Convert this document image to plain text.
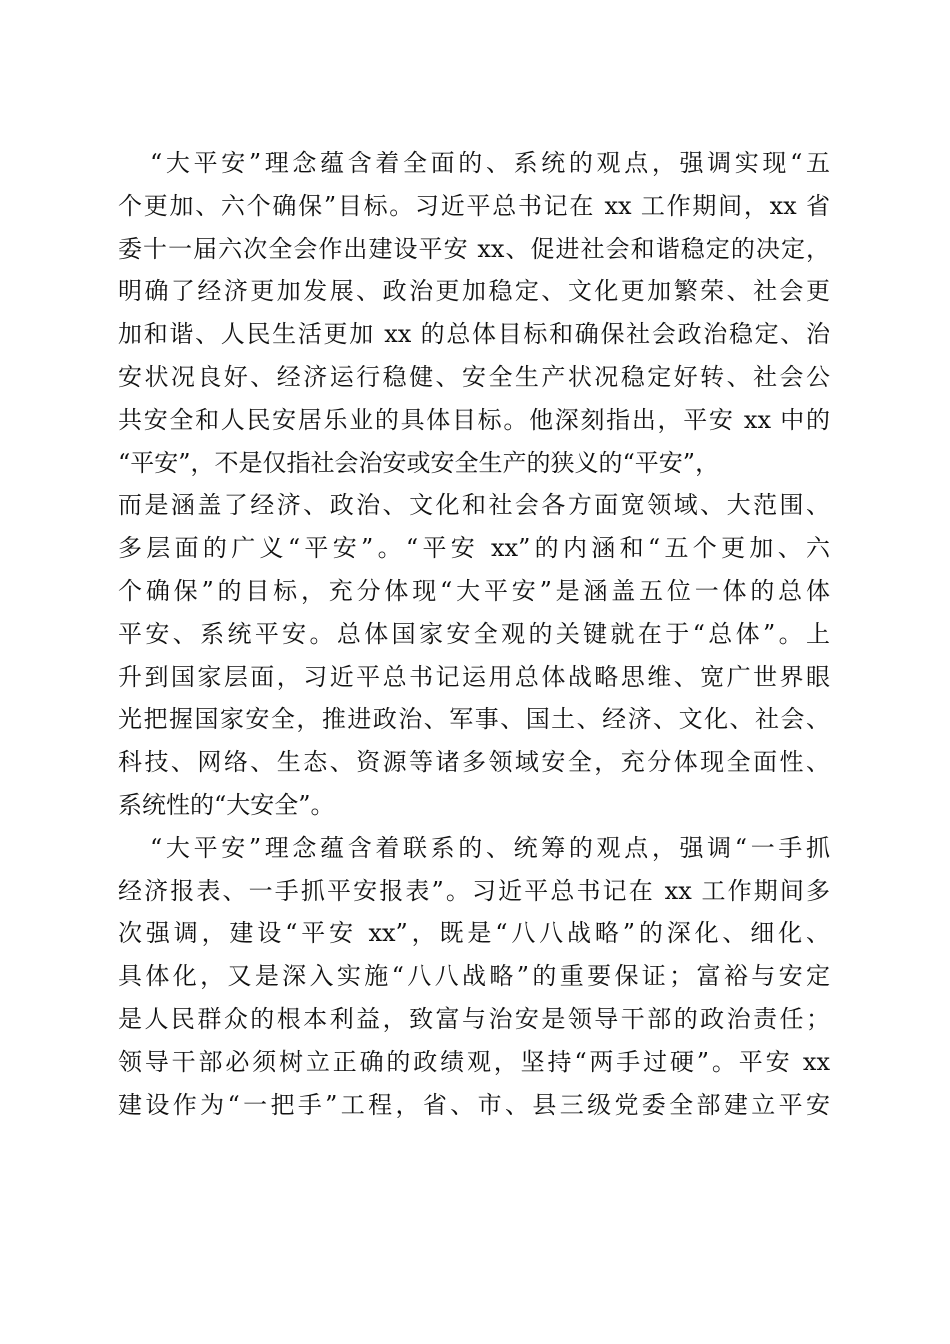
“大平安”理念蕴含着全面的、系统的观点，强调实现“五
个更加、六个确保”目标。习近平总书记在 xx 工作期间，xx 省
委十一届六次全会作出建设平安 xx、促进社会和谐稳定的决定，
明确了经济更加发展、政治更加稳定、文化更加繁荣、社会更
加和谐、人民生活更加 xx 的总体目标和确保社会政治稳定、治
安状况良好、经济运行稳健、安全生产状况稳定好转、社会公
共安全和人民安居乐业的具体目标。他深刻指出，平安 xx 中的
“平安”，不是仅指社会治安或安全生产的狭义的“平安”，
而是涵盖了经济、政治、文化和社会各方面宽领域、大范围、
多层面的广义“平安”。“平安 xx”的内涵和“五个更加、六
个确保”的目标，充分体现“大平安”是涵盖五位一体的总体
平安、系统平安。总体国家安全观的关键就在于“总体”。上
升到国家层面，习近平总书记运用总体战略思维、宽广世界眼
光把握国家安全，推进政治、军事、国土、经济、文化、社会、
科技、网络、生态、资源等诸多领域安全，充分体现全面性、
系统性的“大安全”。
“大平安”理念蕴含着联系的、统筹的观点，强调“一手抓
经济报表、一手抓平安报表”。习近平总书记在 xx 工作期间多
次强调，建设“平安 xx”，既是“八八战略”的深化、细化、
具体化，又是深入实施“八八战略”的重要保证；富裕与安定
是人民群众的根本利益，致富与治安是领导干部的政治责任；
领导干部必须树立正确的政绩观，坚持“两手过硬”。平安 xx
建设作为“一把手”工程，省、市、县三级党委全部建立平安
